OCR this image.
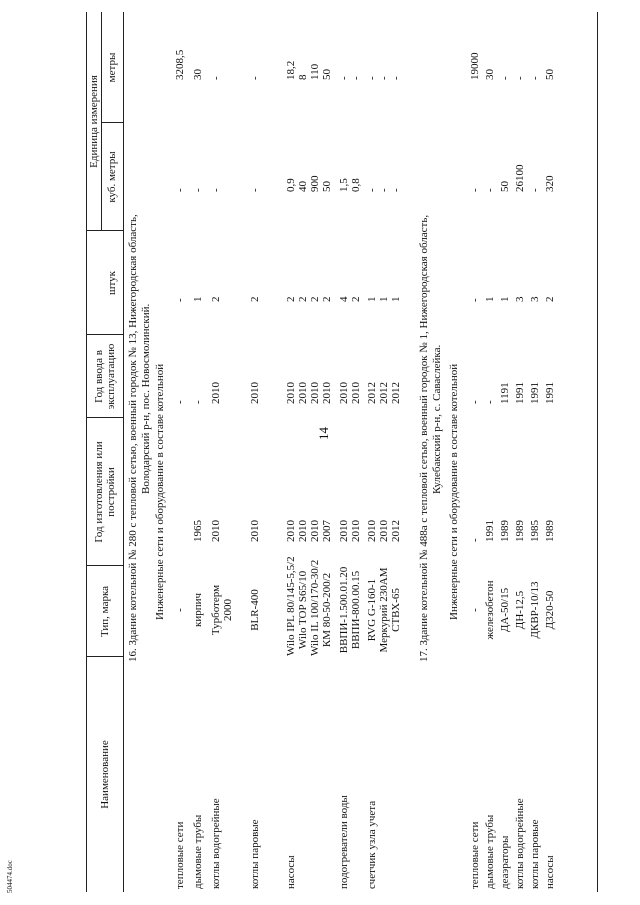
14
504474.doc
Наименование
Тип, марка
Год изготовления или постройки
Год ввода в эксплуатацию
Единица измерения
штук
куб. метры
метры
16. Здание котельной № 280 с тепловой сетью, военный городок № 13, Нижегородская область, Володарский р-н, пос. Новосмолинский. Инженерные сети и оборудование в составе котельной
тепловые сети
-
-
-
-
3208,5
дымовые трубы
кирпич
1965
-
1
-
30
котлы водогрейные
Турботерм 2000
2010
2010
2
-
-
котлы паровые
BLR-400
2010
2010
2
-
-
насосы
Wilo IPL 80/145-5,5/2 Wilo TOP S65/10 Wilo IL 100/170-30/2 КМ 80-50-200/2
2010 2010 2010 2007
2010 2010 2010 2010
2 2 2 2
0,9 40 900 50
18,2 8 110 50
подогреватели воды
ВВПИ-1.500.01.20 ВВПИ-800.00.15
2010 2010
2010 2010
4 2
1,5 0,8
- -
счетчик узла учета
RVG G-160-1 Меркурий 230АМ СТВХ-65
2010 2010 2012
2012 2012 2012
1 1 1
- - -
- - -
17. Здание котельной № 488а с тепловой сетью, военный городок № 1, Нижегородская область, Кулебакский р-н, с. Саваслейка. Инженерные сети и оборудование в составе котельной
тепловые сети
-
-
-
-
-
19000
дымовые трубы
железобетон
1991
-
1
-
30
деаэраторы
ДА-50/15
1989
1191
1
50
-
котлы водогрейные
ДН-12,5
1989
1991
3
26100
-
котлы паровые
ДКВР-10/13
1985
1991
3
-
-
насосы
Д320-50
1989
1991
2
320
50
